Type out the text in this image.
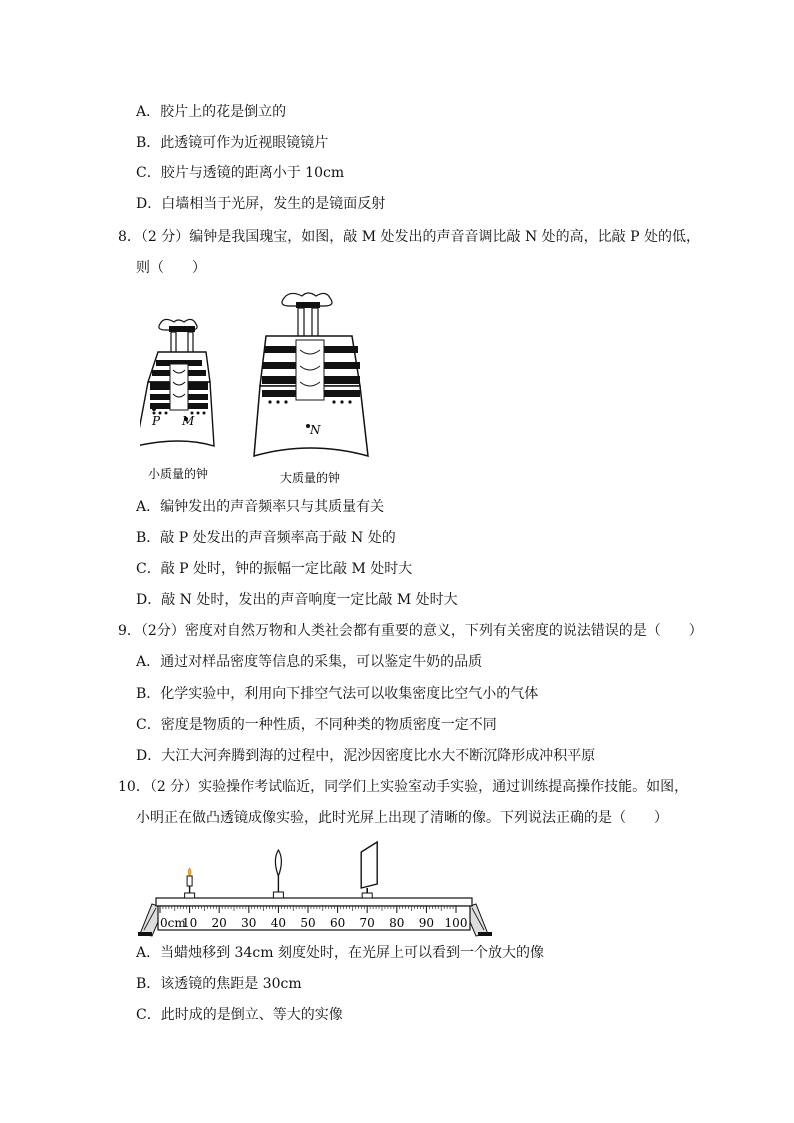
A．胶片上的花是倒立的
B．此透镜可作为近视眼镜镜片
C．胶片与透镜的距离小于 10cm
D．白墙相当于光屏，发生的是镜面反射
8．（2 分）编钟是我国瑰宝，如图，敲 M 处发出的声音音调比敲 N 处的高，比敲 P 处的低，
则（　　）
P M
N
小质量的钟	大质量的钟
A．编钟发出的声音频率只与其质量有关
B．敲 P 处发出的声音频率高于敲 N 处的
C．敲 P 处时，钟的振幅一定比敲 M 处时大
D．敲 N 处时，发出的声音响度一定比敲 M 处时大
9．（2分）密度对自然万物和人类社会都有重要的意义，下列有关密度的说法错误的是（　　）
A．通过对样品密度等信息的采集，可以鉴定牛奶的品质
B．化学实验中，利用向下排空气法可以收集密度比空气小的气体
C．密度是物质的一种性质，不同种类的物质密度一定不同
D．大江大河奔腾到海的过程中，泥沙因密度比水大不断沉降形成冲积平原
10．（2 分）实验操作考试临近，同学们上实验室动手实验，通过训练提高操作技能。如图，
小明正在做凸透镜成像实验，此时光屏上出现了清晰的像。下列说法正确的是（　　）
0cm
10 20 30 40 50 60 70 80 90 100
A．当蜡烛移到 34cm 刻度处时，在光屏上可以看到一个放大的像
B．该透镜的焦距是 30cm
C．此时成的是倒立、等大的实像
